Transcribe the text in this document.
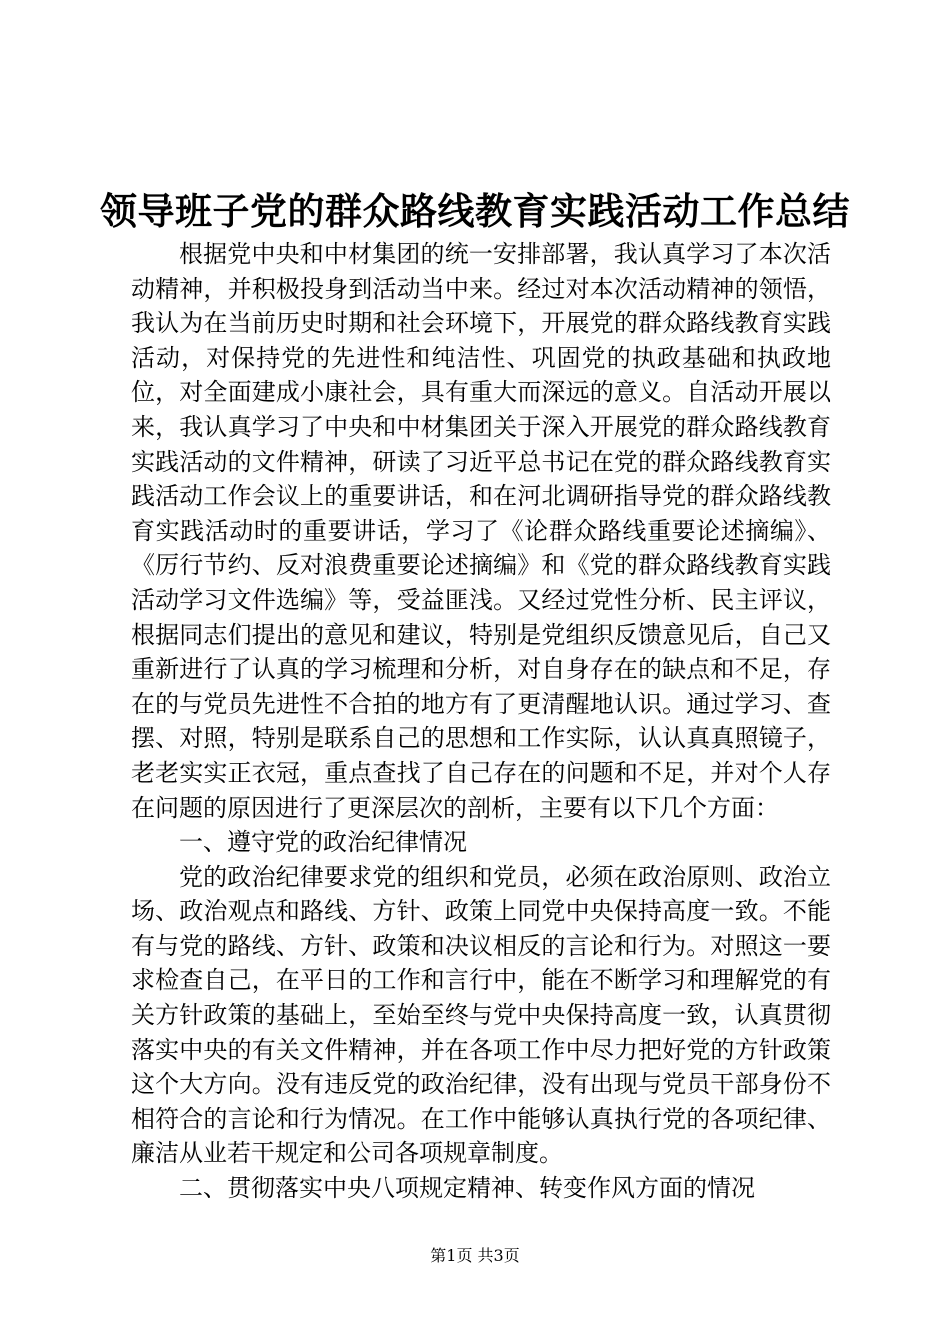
领导班子党的群众路线教育实践活动工作总结

根据党中央和中材集团的统一安排部署，我认真学习了本次活动精神，并积极投身到活动当中来。经过对本次活动精神的领悟，我认为在当前历史时期和社会环境下，开展党的群众路线教育实践活动，对保持党的先进性和纯洁性、巩固党的执政基础和执政地位，对全面建成小康社会，具有重大而深远的意义。自活动开展以来，我认真学习了中央和中材集团关于深入开展党的群众路线教育实践活动的文件精神，研读了习近平总书记在党的群众路线教育实践活动工作会议上的重要讲话，和在河北调研指导党的群众路线教育实践活动时的重要讲话，学习了《论群众路线重要论述摘编》、《厉行节约、反对浪费重要论述摘编》和《党的群众路线教育实践活动学习文件选编》等，受益匪浅。又经过党性分析、民主评议，根据同志们提出的意见和建议，特别是党组织反馈意见后，自己又重新进行了认真的学习梳理和分析，对自身存在的缺点和不足，存在的与党员先进性不合拍的地方有了更清醒地认识。通过学习、查摆、对照，特别是联系自己的思想和工作实际，认认真真照镜子，老老实实正衣冠，重点查找了自己存在的问题和不足，并对个人存在问题的原因进行了更深层次的剖析，主要有以下几个方面：

一、遵守党的政治纪律情况

党的政治纪律要求党的组织和党员，必须在政治原则、政治立场、政治观点和路线、方针、政策上同党中央保持高度一致。不能有与党的路线、方针、政策和决议相反的言论和行为。对照这一要求检查自己，在平日的工作和言行中，能在不断学习和理解党的有关方针政策的基础上，至始至终与党中央保持高度一致，认真贯彻落实中央的有关文件精神，并在各项工作中尽力把好党的方针政策这个大方向。没有违反党的政治纪律，没有出现与党员干部身份不相符合的言论和行为情况。在工作中能够认真执行党的各项纪律、廉洁从业若干规定和公司各项规章制度。

二、贯彻落实中央八项规定精神、转变作风方面的情况

第1页 共3页
